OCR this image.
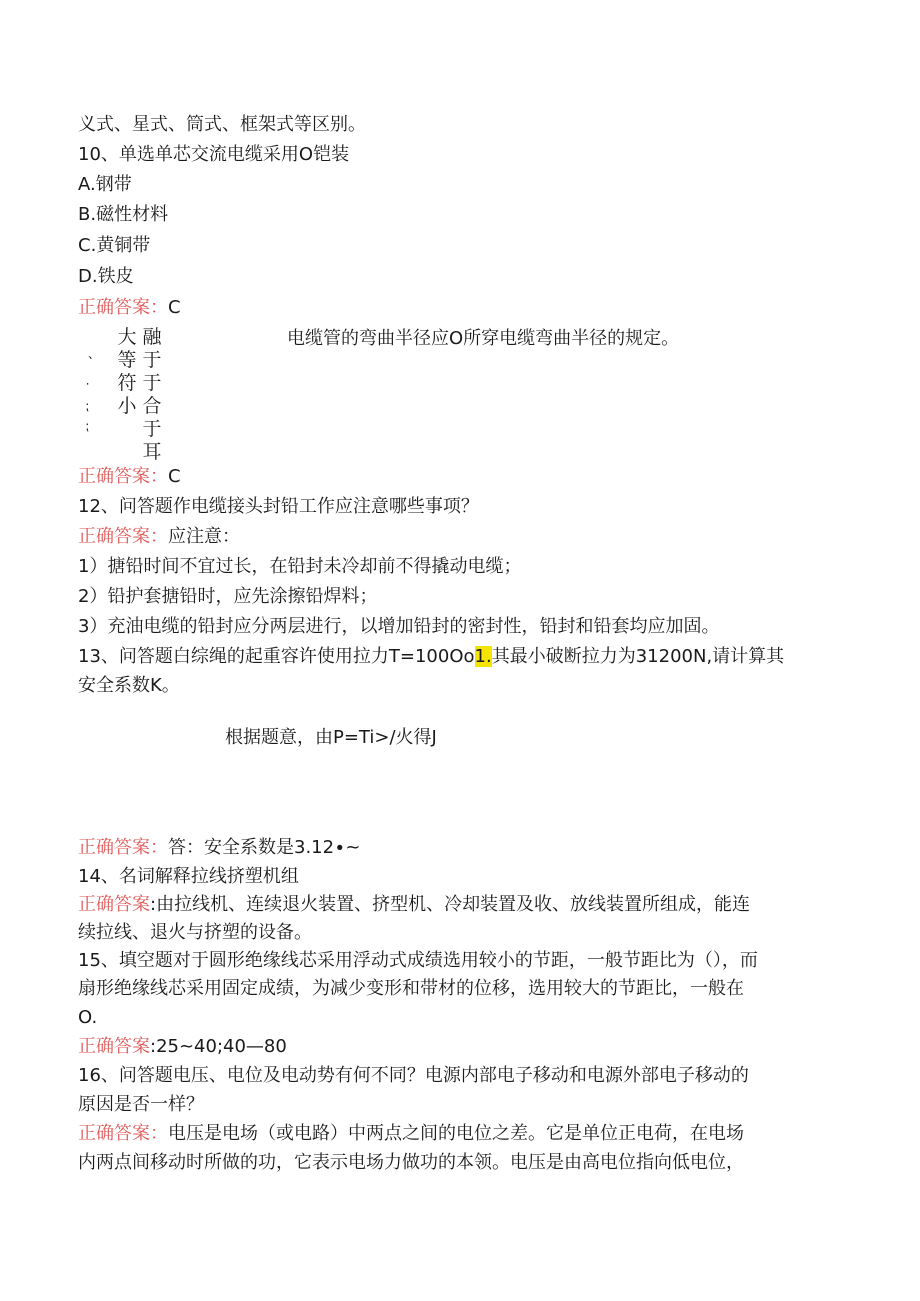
义式、星式、筒式、框架式等区别。
10、单选单芯交流电缆采用O铠装
A.钢带
B.磁性材料
C.黄铜带
D.铁皮
正确答案：C
、
⸱
⁏
⁏
大
等
符
小
融
于
于
合
于
耳
电缆管的弯曲半径应O所穿电缆弯曲半径的规定。
正确答案：C
12、问答题作电缆接头封铅工作应注意哪些事项？
正确答案：应注意：
1）搪铅时间不宜过长，在铅封未冷却前不得撬动电缆；
2）铅护套搪铅时，应先涂擦铅焊料；
3）充油电缆的铅封应分两层进行，以增加铅封的密封性，铅封和铅套均应加固。
13、问答题白综绳的起重容许使用拉力T=100Oo1.其最小破断拉力为31200N,请计算其
安全系数K。
根据题意，由P=Ti>/火得J
正确答案：答：安全系数是3.12∙~
14、名词解释拉线挤塑机组
正确答案:由拉线机、连续退火装置、挤型机、冷却装置及收、放线装置所组成，能连
续拉线、退火与挤塑的设备。
15、填空题对于圆形绝缘线芯采用浮动式成绩选用较小的节距，一般节距比为（），而
扇形绝缘线芯采用固定成绩，为减少变形和带材的位移，选用较大的节距比，一般在
O.
正确答案:25~40;40—80
16、问答题电压、电位及电动势有何不同？电源内部电子移动和电源外部电子移动的
原因是否一样？
正确答案：电压是电场（或电路）中两点之间的电位之差。它是单位正电荷，在电场
内两点间移动时所做的功，它表示电场力做功的本领。电压是由高电位指向低电位，
